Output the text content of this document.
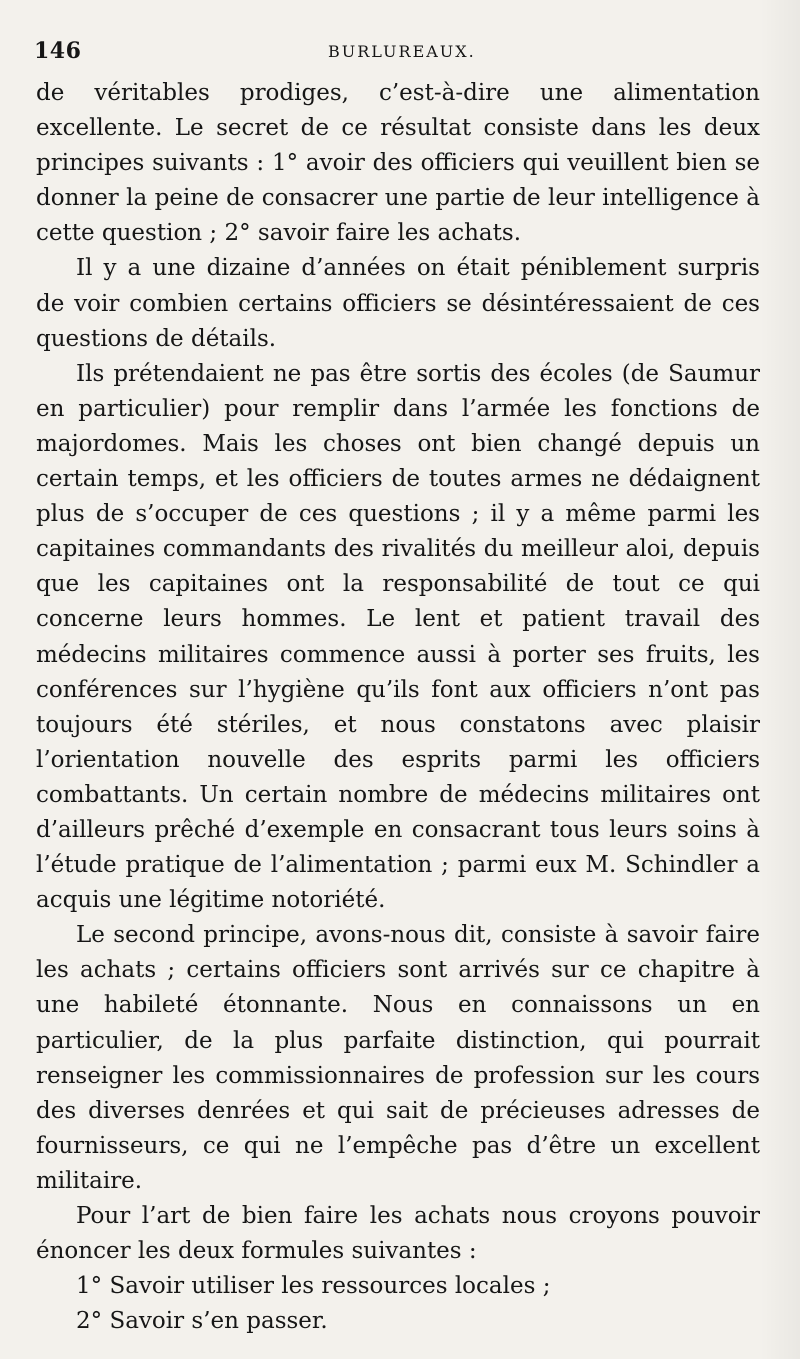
146	BURLUREAUX.

de véritables prodiges, c’est-à-dire une alimentation excellente. Le secret de ce résultat consiste dans les deux principes suivants : 1° avoir des officiers qui veuillent bien se donner la peine de consacrer une partie de leur intelligence à cette question ; 2° savoir faire les achats.

Il y a une dizaine d’années on était péniblement surpris de voir combien certains officiers se désintéressaient de ces questions de détails.

Ils prétendaient ne pas être sortis des écoles (de Saumur en particulier) pour remplir dans l’armée les fonctions de majordomes. Mais les choses ont bien changé depuis un certain temps, et les officiers de toutes armes ne dédaignent plus de s’occuper de ces questions ; il y a même parmi les capitaines commandants des rivalités du meilleur aloi, depuis que les capitaines ont la responsabilité de tout ce qui concerne leurs hommes. Le lent et patient travail des médecins militaires commence aussi à porter ses fruits, les conférences sur l’hygiène qu’ils font aux officiers n’ont pas toujours été stériles, et nous constatons avec plaisir l’orientation nouvelle des esprits parmi les officiers combattants. Un certain nombre de médecins militaires ont d’ailleurs prêché d’exemple en consacrant tous leurs soins à l’étude pratique de l’alimentation ; parmi eux M. Schindler a acquis une légitime notoriété.

Le second principe, avons-nous dit, consiste à savoir faire les achats ; certains officiers sont arrivés sur ce chapitre à une habileté étonnante. Nous en connaissons un en particulier, de la plus parfaite distinction, qui pourrait renseigner les commissionnaires de profession sur les cours des diverses denrées et qui sait de précieuses adresses de fournisseurs, ce qui ne l’empêche pas d’être un excellent militaire.

Pour l’art de bien faire les achats nous croyons pouvoir énoncer les deux formules suivantes :

1° Savoir utiliser les ressources locales ;

2° Savoir s’en passer.
